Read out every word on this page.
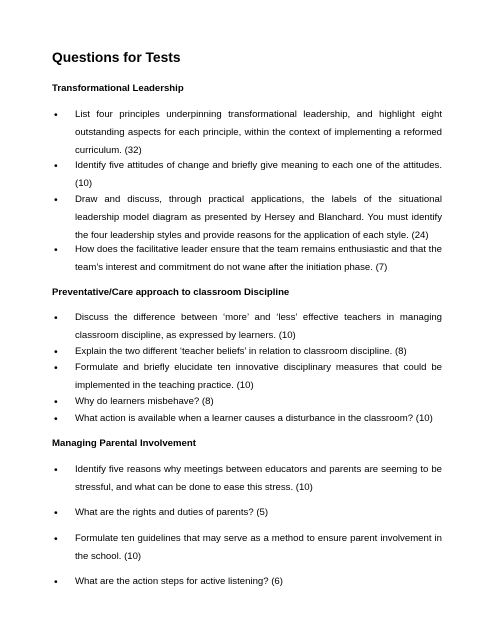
Questions for Tests
Transformational Leadership
• List four principles underpinning transformational leadership, and highlight eight outstanding aspects for each principle, within the context of implementing a reformed curriculum. (32)
• Identify five attitudes of change and briefly give meaning to each one of the attitudes. (10)
• Draw and discuss, through practical applications, the labels of the situational leadership model diagram as presented by Hersey and Blanchard. You must identify the four leadership styles and provide reasons for the application of each style. (24)
• How does the facilitative leader ensure that the team remains enthusiastic and that the team’s interest and commitment do not wane after the initiation phase. (7)
Preventative/Care approach to classroom Discipline
• Discuss the difference between ‘more’ and ‘less’ effective teachers in managing classroom discipline, as expressed by learners. (10)
• Explain the two different ‘teacher beliefs’ in relation to classroom discipline. (8)
• Formulate and briefly elucidate ten innovative disciplinary measures that could be implemented in the teaching practice. (10)
• Why do learners misbehave? (8)
• What action is available when a learner causes a disturbance in the classroom? (10)
Managing Parental Involvement
• Identify five reasons why meetings between educators and parents are seeming to be stressful, and what can be done to ease this stress. (10)
• What are the rights and duties of parents? (5)
• Formulate ten guidelines that may serve as a method to ensure parent involvement in the school. (10)
• What are the action steps for active listening? (6)
